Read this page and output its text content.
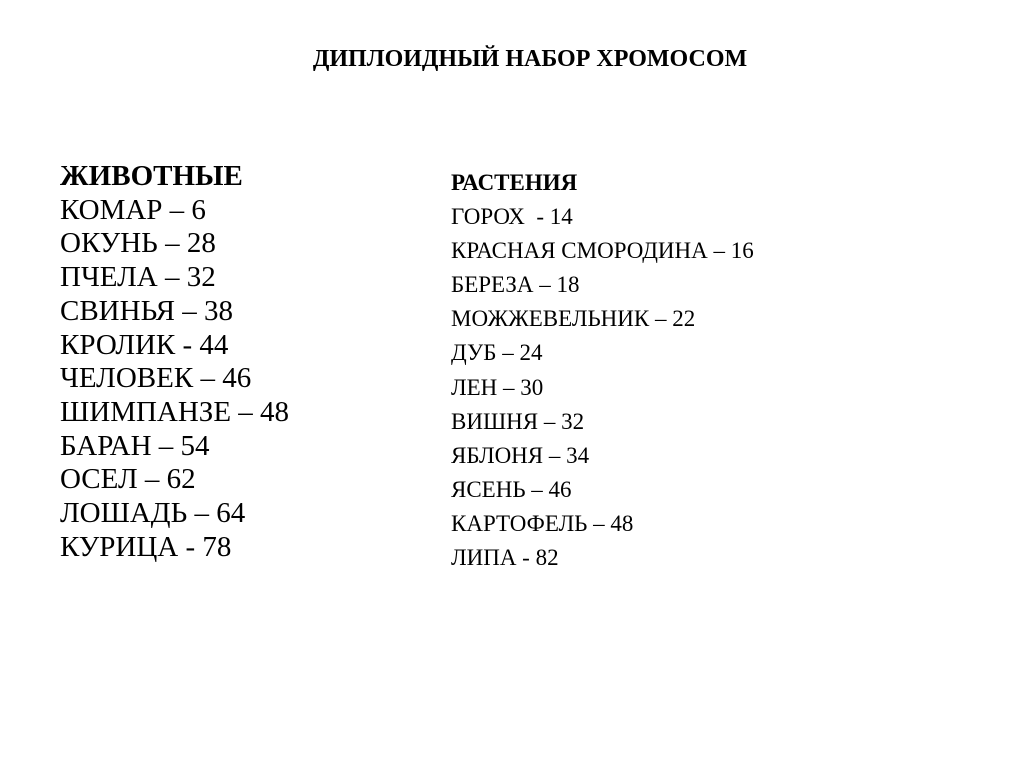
ДИПЛОИДНЫЙ НАБОР ХРОМОСОМ
ЖИВОТНЫЕ
КОМАР – 6
ОКУНЬ – 28
ПЧЕЛА – 32
СВИНЬЯ – 38
КРОЛИК - 44
ЧЕЛОВЕК – 46
ШИМПАНЗЕ – 48
БАРАН – 54
ОСЕЛ – 62
ЛОШАДЬ – 64
КУРИЦА - 78
РАСТЕНИЯ
ГОРОХ  - 14
КРАСНАЯ СМОРОДИНА – 16
БЕРЕЗА – 18
МОЖЖЕВЕЛЬНИК – 22
ДУБ – 24
ЛЕН – 30
ВИШНЯ – 32
ЯБЛОНЯ – 34
ЯСЕНЬ – 46
КАРТОФЕЛЬ – 48
ЛИПА - 82
